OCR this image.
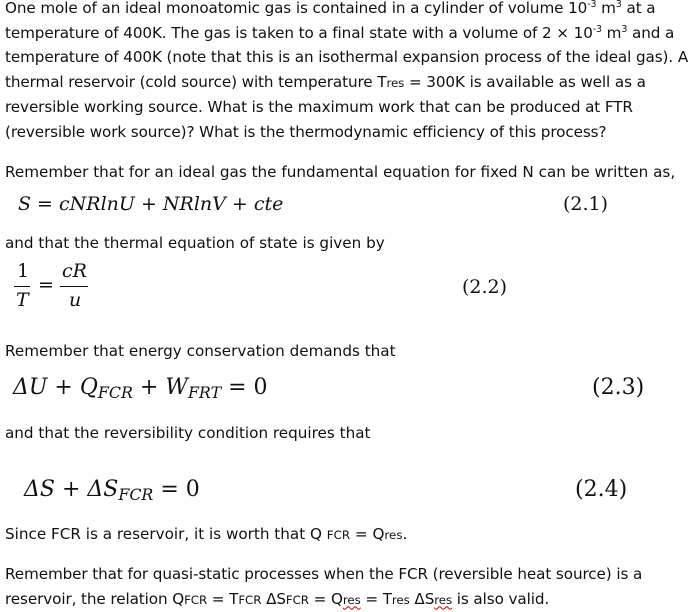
One mole of an ideal monoatomic gas is contained in a cylinder of volume $10^{-3}$ $m^3$ at a temperature of 400K. The gas is taken to a final state with a volume of $2 \times 10^{-3}$ $m^3$ and a temperature of 400K (note that this is an isothermal expansion process of the ideal gas). A thermal reservoir (cold source) with temperature Tres = 300K is available as well as a reversible working source. What is the maximum work that can be produced at FTR (reversible work source)? What is the thermodynamic efficiency of this process?
Remember that for an ideal gas the fundamental equation for fixed N can be written as,
S = cNRlnU + NRlnV + cte	(2.1)
and that the thermal equation of state is given by
1
T
=
cR
u
(2.2)
Remember that energy conservation demands that
$\Delta U + Q_{FCR} + W_{FRT} = 0$	(2.3)
and that the reversibility condition requires that
$\Delta S + \Delta S_{FCR} = 0$	(2.4)
Since FCR is a reservoir, it is worth that Q FCR = Qres.
Remember that for quasi-static processes when the FCR (reversible heat source) is a reservoir, the relation QFCR = TFCR ΔSFCR = Qres = Tres ΔSres is also valid.
